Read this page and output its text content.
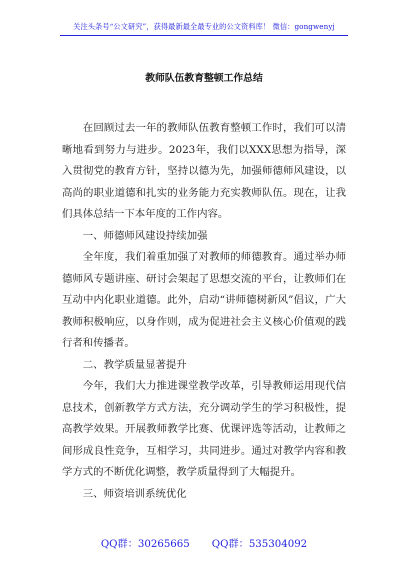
关注头条号“公文研究”，获得最新最全最专业的公文资料库！ 微信：gongwenyj
教师队伍教育整顿工作总结

在回顾过去一年的教师队伍教育整顿工作时，我们可以清晰地看到努力与进步。2023年，我们以XXX思想为指导，深入贯彻党的教育方针，坚持以德为先，加强师德师风建设，以高尚的职业道德和扎实的业务能力充实教师队伍。现在，让我们具体总结一下本年度的工作内容。

一、师德师风建设持续加强

全年度，我们着重加强了对教师的师德教育。通过举办师德师风专题讲座、研讨会架起了思想交流的平台，让教师们在互动中内化职业道德。此外，启动“讲师德树新风”倡议，广大教师积极响应，以身作则，成为促进社会主义核心价值观的践行者和传播者。

二、教学质量显著提升

今年，我们大力推进课堂教学改革，引导教师运用现代信息技术，创新教学方式方法，充分调动学生的学习积极性，提高教学效果。开展教师教学比赛、优课评选等活动，让教师之间形成良性竞争，互相学习，共同进步。通过对教学内容和教学方式的不断优化调整，教学质量得到了大幅提升。

三、师资培训系统优化

QQ群：30265665 QQ群：535304092
